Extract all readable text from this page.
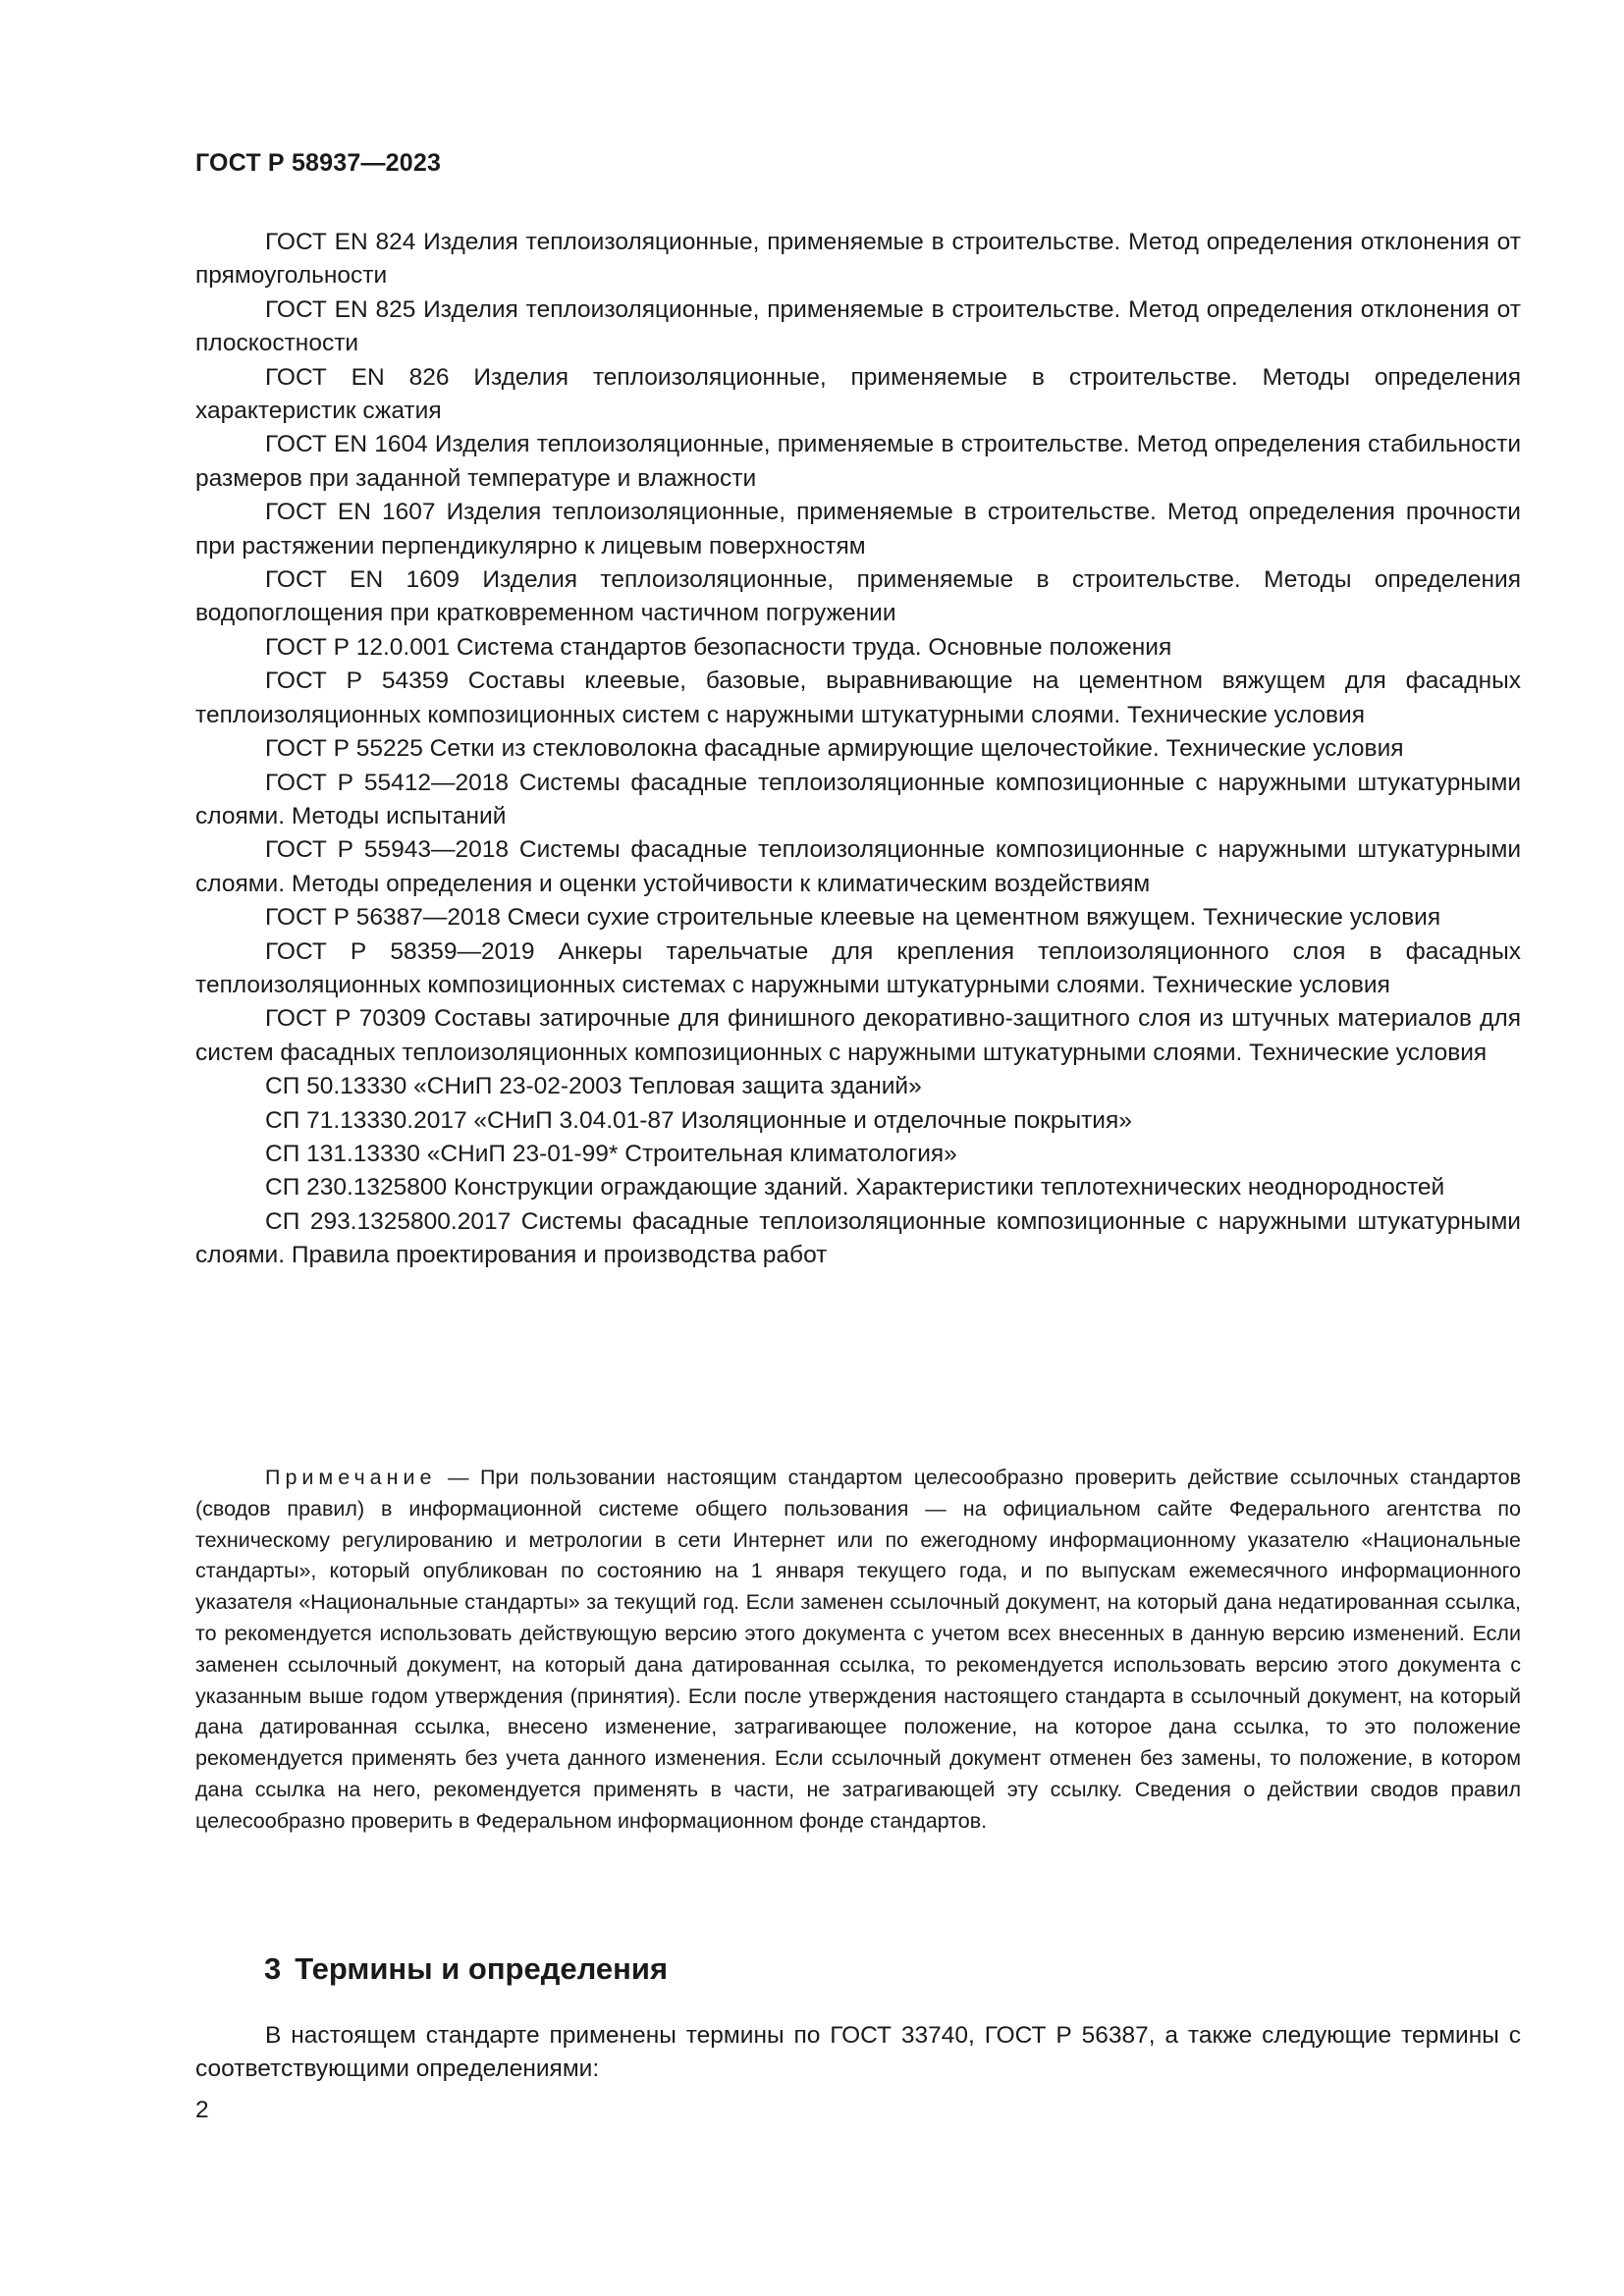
ГОСТ Р 58937—2023

ГОСТ EN 824 Изделия теплоизоляционные, применяемые в строительстве. Метод определения отклонения от прямоугольности

ГОСТ EN 825 Изделия теплоизоляционные, применяемые в строительстве. Метод определения отклонения от плоскостности

ГОСТ EN 826 Изделия теплоизоляционные, применяемые в строительстве. Методы определения характеристик сжатия

ГОСТ EN 1604 Изделия теплоизоляционные, применяемые в строительстве. Метод определения стабильности размеров при заданной температуре и влажности

ГОСТ EN 1607 Изделия теплоизоляционные, применяемые в строительстве. Метод определения прочности при растяжении перпендикулярно к лицевым поверхностям

ГОСТ EN 1609 Изделия теплоизоляционные, применяемые в строительстве. Методы определения водопоглощения при кратковременном частичном погружении

ГОСТ Р 12.0.001 Система стандартов безопасности труда. Основные положения

ГОСТ Р 54359 Составы клеевые, базовые, выравнивающие на цементном вяжущем для фасадных теплоизоляционных композиционных систем с наружными штукатурными слоями. Технические условия

ГОСТ Р 55225 Сетки из стекловолокна фасадные армирующие щелочестойкие. Технические условия

ГОСТ Р 55412—2018 Системы фасадные теплоизоляционные композиционные с наружными штукатурными слоями. Методы испытаний

ГОСТ Р 55943—2018 Системы фасадные теплоизоляционные композиционные с наружными штукатурными слоями. Методы определения и оценки устойчивости к климатическим воздействиям

ГОСТ Р 56387—2018 Смеси сухие строительные клеевые на цементном вяжущем. Технические условия

ГОСТ Р 58359—2019 Анкеры тарельчатые для крепления теплоизоляционного слоя в фасадных теплоизоляционных композиционных системах с наружными штукатурными слоями. Технические условия

ГОСТ Р 70309 Составы затирочные для финишного декоративно-защитного слоя из штучных материалов для систем фасадных теплоизоляционных композиционных с наружными штукатурными слоями. Технические условия

СП 50.13330 «СНиП 23-02-2003 Тепловая защита зданий»

СП 71.13330.2017 «СНиП 3.04.01-87 Изоляционные и отделочные покрытия»

СП 131.13330 «СНиП 23-01-99* Строительная климатология»

СП 230.1325800 Конструкции ограждающие зданий. Характеристики теплотехнических неоднородностей

СП 293.1325800.2017 Системы фасадные теплоизоляционные композиционные с наружными штукатурными слоями. Правила проектирования и производства работ

Примечание — При пользовании настоящим стандартом целесообразно проверить действие ссылочных стандартов (сводов правил) в информационной системе общего пользования — на официальном сайте Федерального агентства по техническому регулированию и метрологии в сети Интернет или по ежегодному информационному указателю «Национальные стандарты», который опубликован по состоянию на 1 января текущего года, и по выпускам ежемесячного информационного указателя «Национальные стандарты» за текущий год. Если заменен ссылочный документ, на который дана недатированная ссылка, то рекомендуется использовать действующую версию этого документа с учетом всех внесенных в данную версию изменений. Если заменен ссылочный документ, на который дана датированная ссылка, то рекомендуется использовать версию этого документа с указанным выше годом утверждения (принятия). Если после утверждения настоящего стандарта в ссылочный документ, на который дана датированная ссылка, внесено изменение, затрагивающее положение, на которое дана ссылка, то это положение рекомендуется применять без учета данного изменения. Если ссылочный документ отменен без замены, то положение, в котором дана ссылка на него, рекомендуется применять в части, не затрагивающей эту ссылку. Сведения о действии сводов правил целесообразно проверить в Федеральном информационном фонде стандартов.

3 Термины и определения

В настоящем стандарте применены термины по ГОСТ 33740, ГОСТ Р 56387, а также следующие термины с соответствующими определениями:

2
